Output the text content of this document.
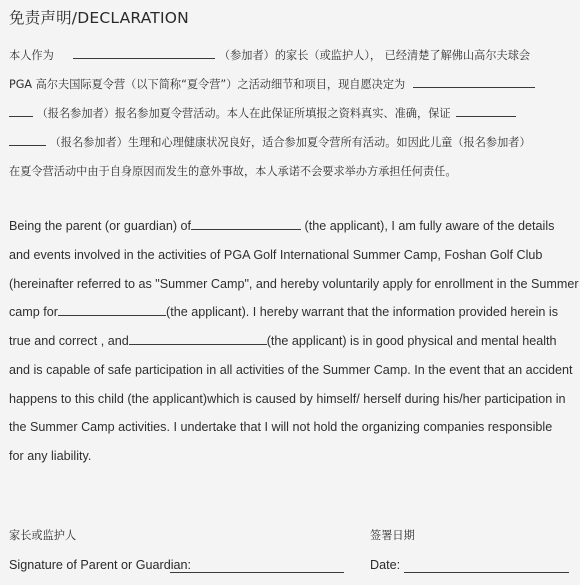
免责声明/DECLARATION
本人作为	（参加者）的家长（或监护人）， 已经清楚了解佛山高尔夫球会
PGA 高尔夫国际夏令营（以下简称“夏令营”）之活动细节和项目，现自愿决定为
（报名参加者）报名参加夏令营活动。本人在此保证所填报之资料真实、准确，保证
（报名参加者）生理和心理健康状况良好，适合参加夏令营所有活动。如因此儿童（报名参加者）
在夏令营活动中由于自身原因而发生的意外事故，本人承诺不会要求举办方承担任何责任。
Being the parent (or guardian) of	(the applicant), I am fully aware of the details
and events involved in the activities of PGA Golf International Summer Camp, Foshan Golf Club
(hereinafter referred to as "Summer Camp", and hereby voluntarily apply for enrollment in the Summer
camp for	(the applicant). I hereby warrant that the information provided herein is
true and correct , and	(the applicant) is in good physical and mental health
and is capable of safe participation in all activities of the Summer Camp. In the event that an accident
happens to this child (the applicant)which is caused by himself/ herself during his/her participation in
the Summer Camp activities. I undertake that I will not hold the organizing companies responsible
for any liability.
家长或监护人	签署日期
Signature of Parent or Guardian:	Date:
